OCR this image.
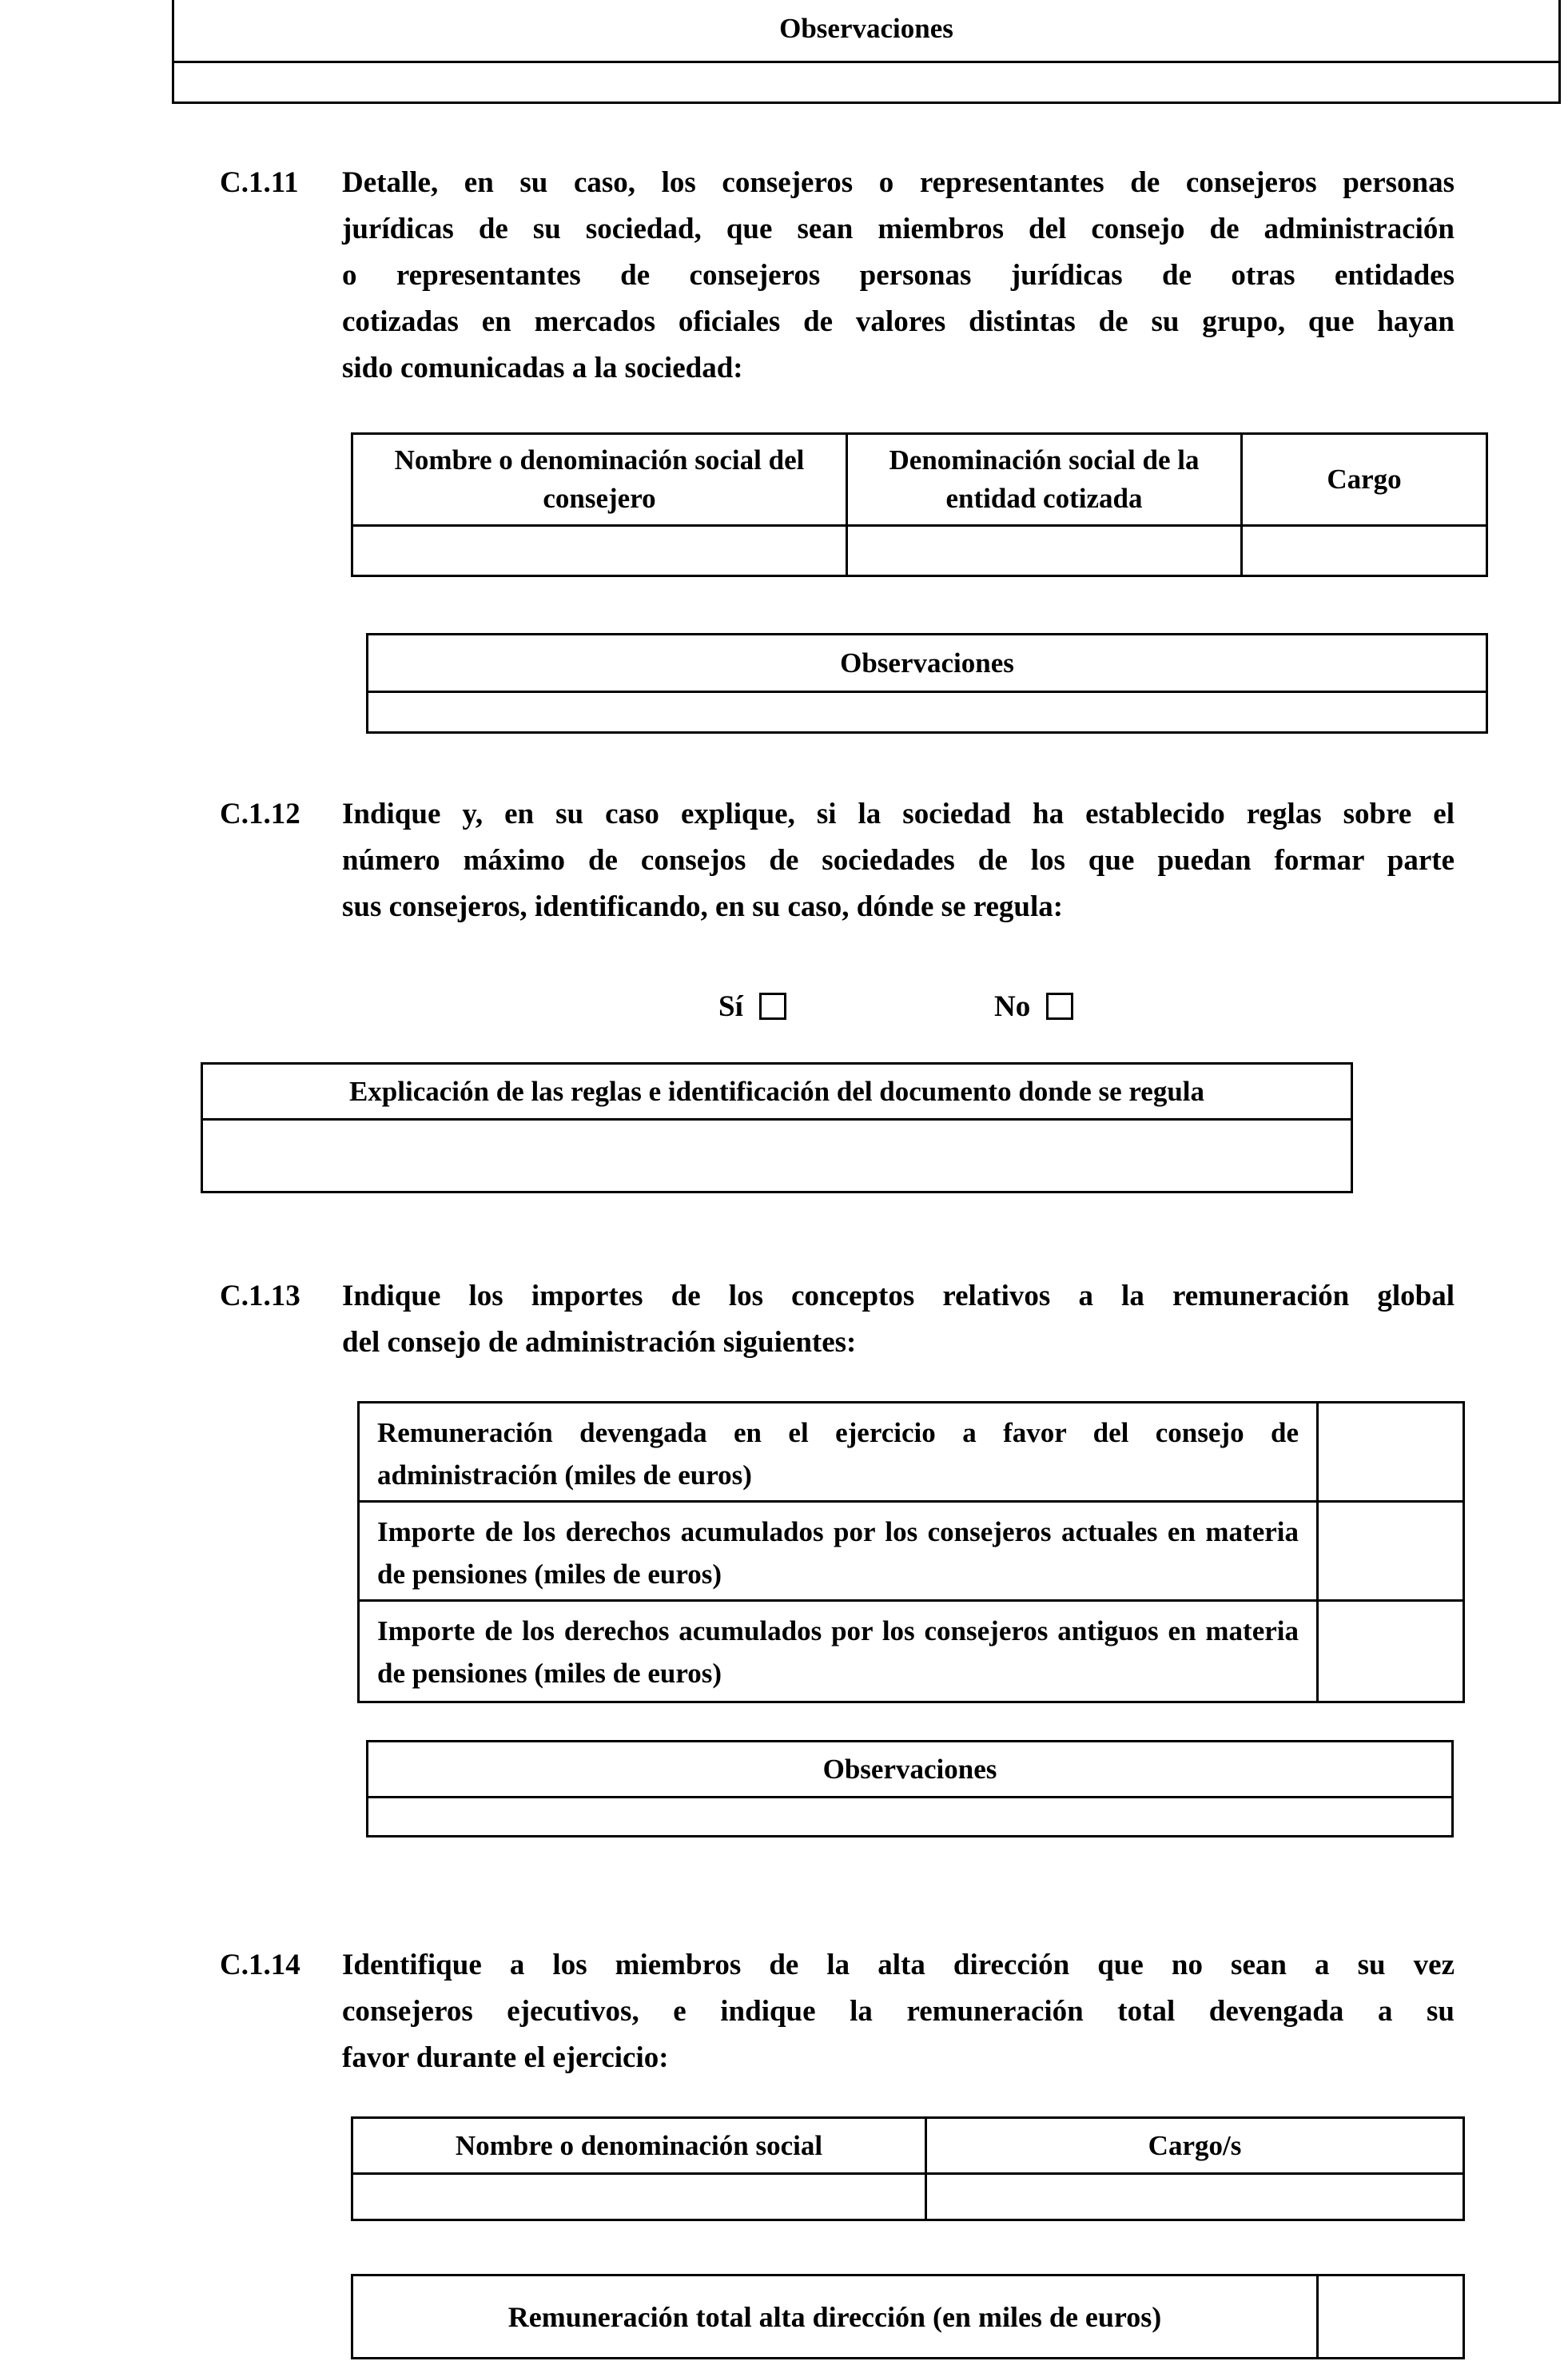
Observaciones
C.1.11 Detalle, en su caso, los consejeros o representantes de consejeros personas
jurídicas de su sociedad, que sean miembros del consejo de administración
o representantes de consejeros personas jurídicas de otras entidades
cotizadas en mercados oficiales de valores distintas de su grupo, que hayan
sido comunicadas a la sociedad:
Nombre o denominación social del consejero
Denominación social de la entidad cotizada
Cargo
Observaciones
C.1.12 Indique y, en su caso explique, si la sociedad ha establecido reglas sobre el
número máximo de consejos de sociedades de los que puedan formar parte
sus consejeros, identificando, en su caso, dónde se regula:
Sí	No
Explicación de las reglas e identificación del documento donde se regula
C.1.13 Indique los importes de los conceptos relativos a la remuneración global
del consejo de administración siguientes:
Remuneración devengada en el ejercicio a favor del consejo de administración (miles de euros)
Importe de los derechos acumulados por los consejeros actuales en materia de pensiones (miles de euros)
Importe de los derechos acumulados por los consejeros antiguos en materia de pensiones (miles de euros)
Observaciones
C.1.14 Identifique a los miembros de la alta dirección que no sean a su vez
consejeros ejecutivos, e indique la remuneración total devengada a su
favor durante el ejercicio:
Nombre o denominación social	Cargo/s
Remuneración total alta dirección (en miles de euros)
